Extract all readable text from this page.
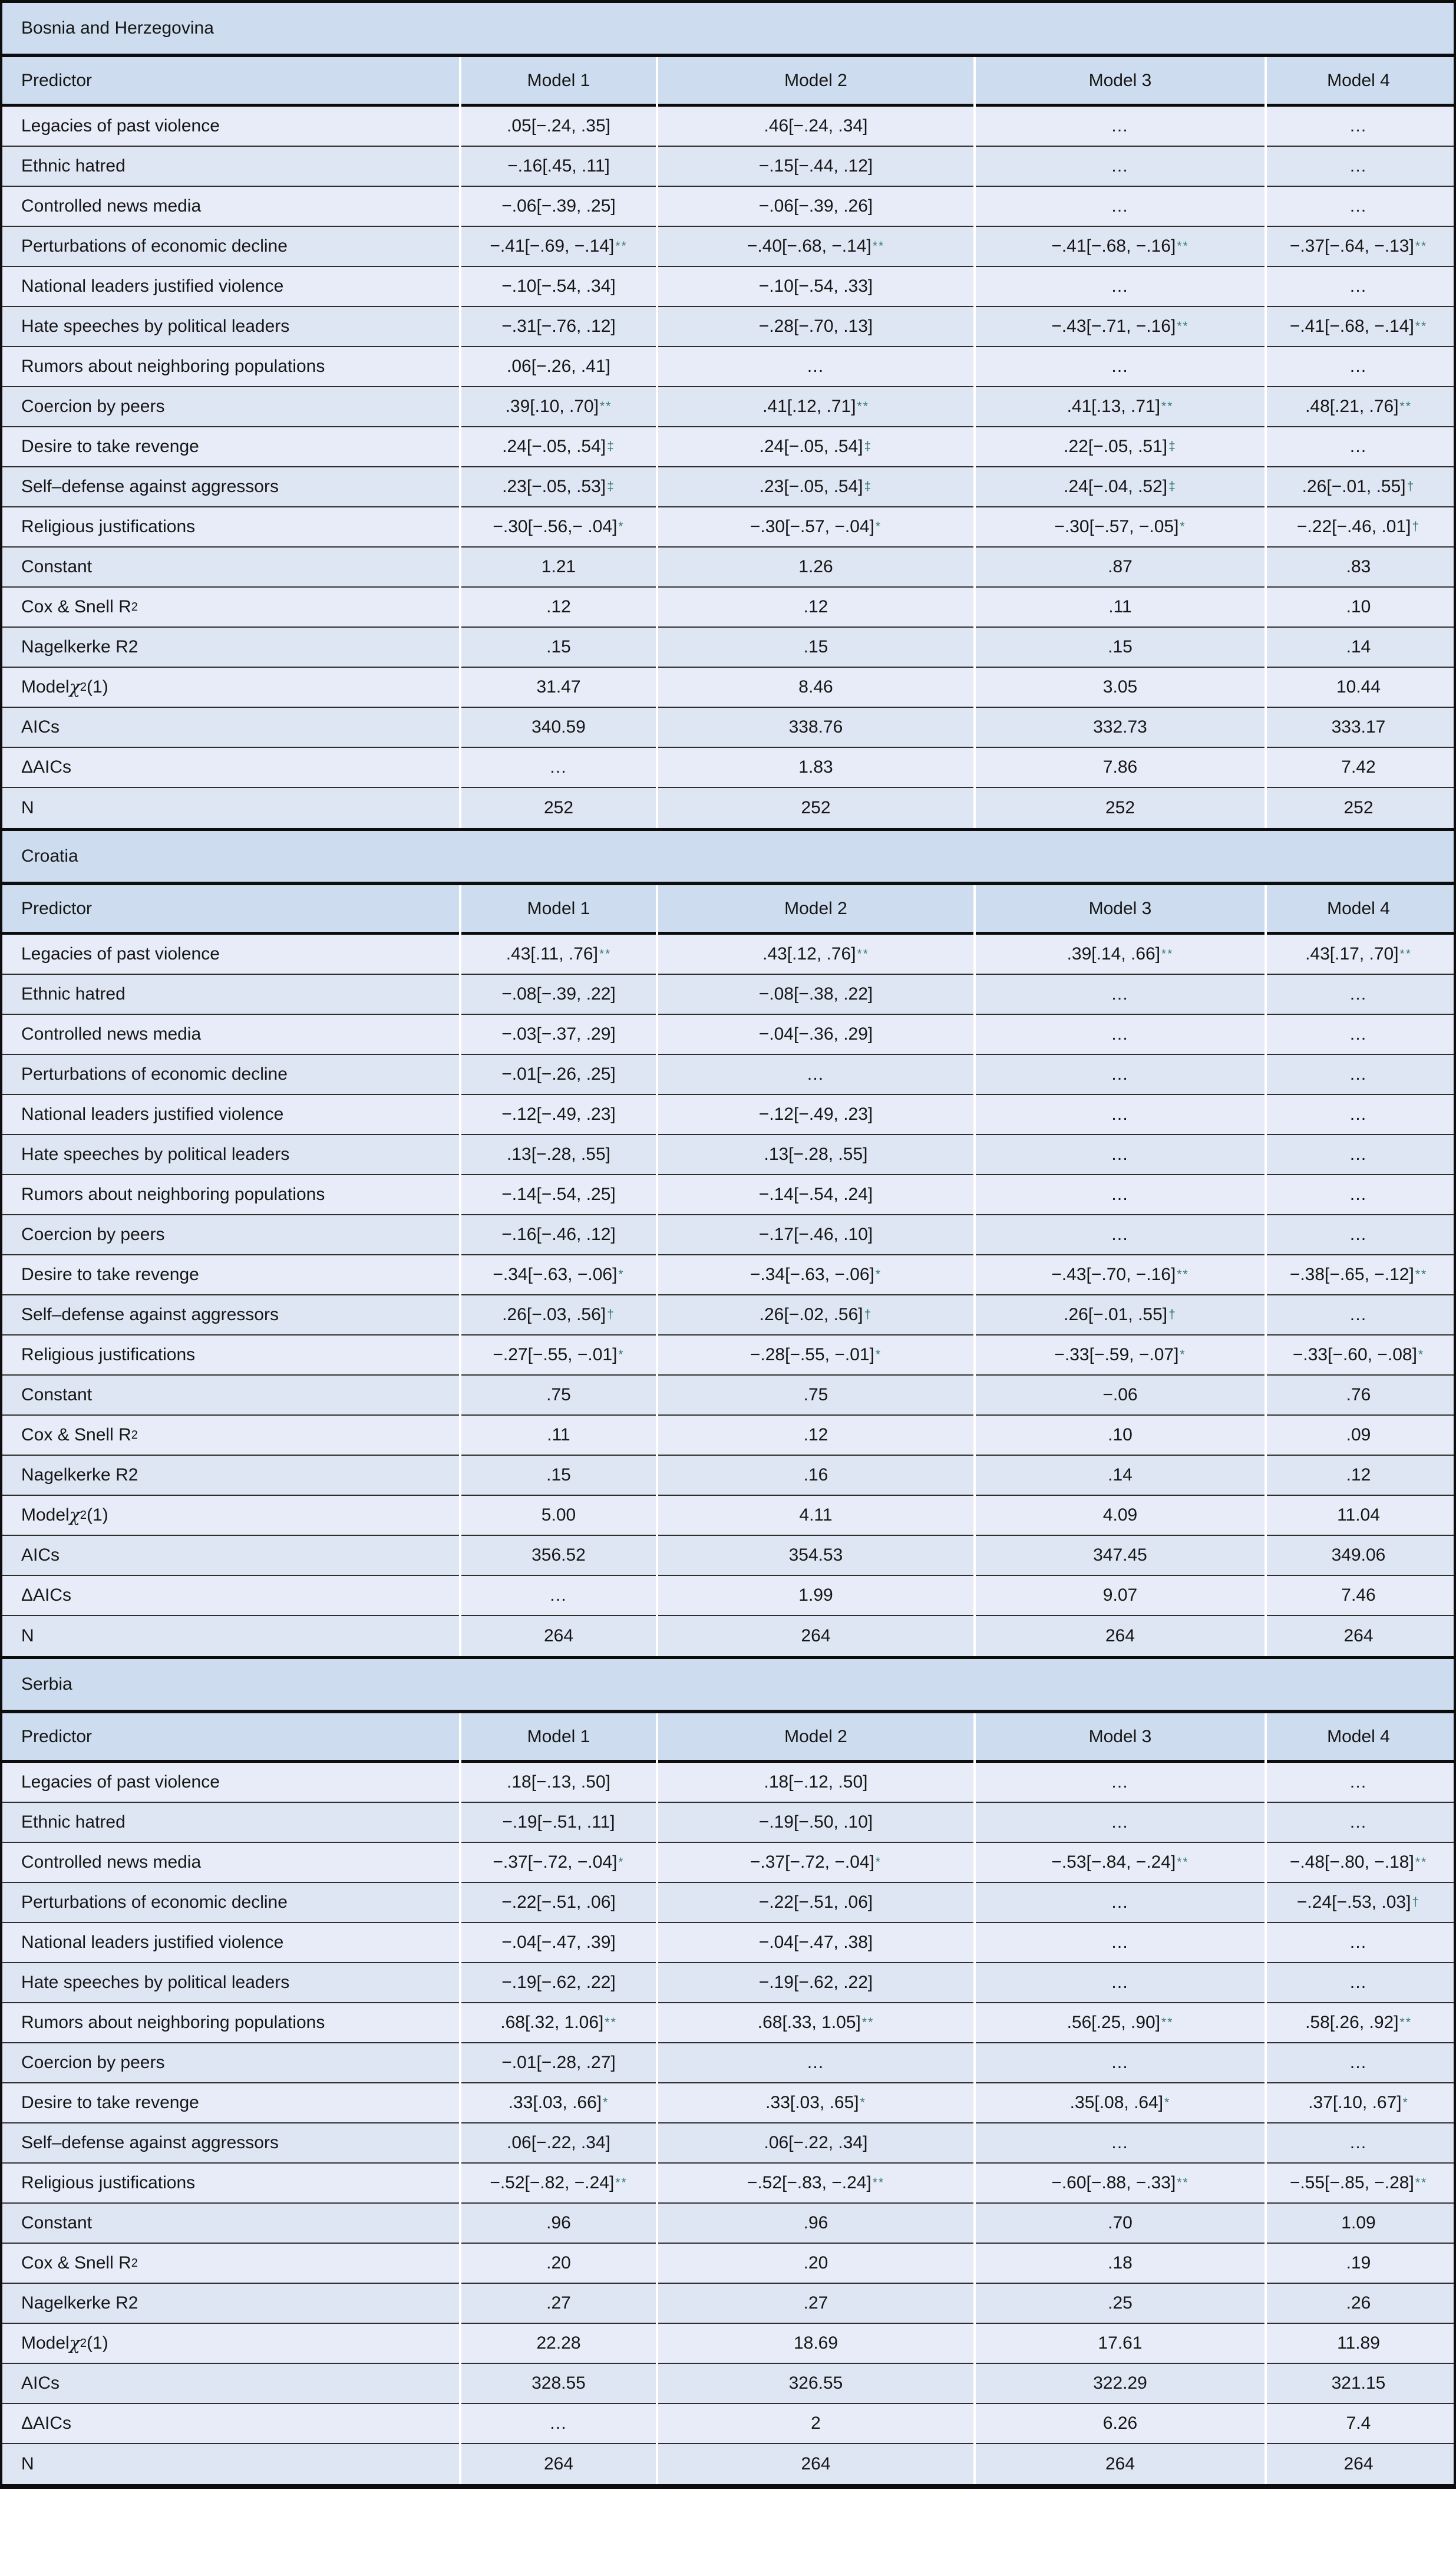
Bosnia and Herzegovina
Predictor	Model 1	Model 2	Model 3	Model 4
Legacies of past violence	.05[−.24, .35]	.46[−.24, .34]	…	…
Ethnic hatred	−.16[.45, .11]	−.15[−.44, .12]	…	…
Controlled news media	−.06[−.39, .25]	−.06[−.39, .26]	…	…
Perturbations of economic decline	−.41[−.69, −.14] **	−.40[−.68, −.14] **	−.41[−.68, −.16] **	−.37[−.64, −.13] **
National leaders justified violence	−.10[−.54, .34]	−.10[−.54, .33]	…	…
Hate speeches by political leaders	−.31[−.76, .12]	−.28[−.70, .13]	−.43[−.71, −.16] **	−.41[−.68, −.14] **
Rumors about neighboring populations	.06[−.26, .41]	…	…	…
Coercion by peers	.39[.10, .70] **	.41[.12, .71] **	.41[.13, .71] **	.48[.21, .76] **
Desire to take revenge	.24[−.05, .54] ‡	.24[−.05, .54] ‡	.22[−.05, .51] ‡	…
Self–defense against aggressors	.23[−.05, .53] ‡	.23[−.05, .54] ‡	.24[−.04, .52] ‡	.26[−.01, .55] †
Religious justifications	−.30[−.56,− .04] *	−.30[−.57, −.04] *	−.30[−.57, −.05] *	−.22[−.46, .01] †
Constant	1.21	1.26	.87	.83
Cox & Snell R 2	.12	.12	.11	.10
Nagelkerke R2	.15	.15	.15	.14
Model χ 2 (1)	31.47	8.46	3.05	10.44
AICs	340.59	338.76	332.73	333.17
ΔAICs	…	1.83	7.86	7.42
N	252	252	252	252
Croatia
Predictor	Model 1	Model 2	Model 3	Model 4
Legacies of past violence	.43[.11, .76] **	.43[.12, .76] **	.39[.14, .66] **	.43[.17, .70] **
Ethnic hatred	−.08[−.39, .22]	−.08[−.38, .22]	…	…
Controlled news media	−.03[−.37, .29]	−.04[−.36, .29]	…	…
Perturbations of economic decline	−.01[−.26, .25]	…	…	…
National leaders justified violence	−.12[−.49, .23]	−.12[−.49, .23]	…	…
Hate speeches by political leaders	.13[−.28, .55]	.13[−.28, .55]	…	…
Rumors about neighboring populations	−.14[−.54, .25]	−.14[−.54, .24]	…	…
Coercion by peers	−.16[−.46, .12]	−.17[−.46, .10]	…	…
Desire to take revenge	−.34[−.63, −.06] *	−.34[−.63, −.06] *	−.43[−.70, −.16] **	−.38[−.65, −.12] **
Self–defense against aggressors	.26[−.03, .56] †	.26[−.02, .56] †	.26[−.01, .55] †	…
Religious justifications	−.27[−.55, −.01] *	−.28[−.55, −.01] *	−.33[−.59, −.07] *	−.33[−.60, −.08] *
Constant	.75	.75	−.06	.76
Cox & Snell R 2	.11	.12	.10	.09
Nagelkerke R2	.15	.16	.14	.12
Model χ 2 (1)	5.00	4.11	4.09	11.04
AICs	356.52	354.53	347.45	349.06
ΔAICs	…	1.99	9.07	7.46
N	264	264	264	264
Serbia
Predictor	Model 1	Model 2	Model 3	Model 4
Legacies of past violence	.18[−.13, .50]	.18[−.12, .50]	…	…
Ethnic hatred	−.19[−.51, .11]	−.19[−.50, .10]	…	…
Controlled news media	−.37[−.72, −.04] *	−.37[−.72, −.04] *	−.53[−.84, −.24] **	−.48[−.80, −.18] **
Perturbations of economic decline	−.22[−.51, .06]	−.22[−.51, .06]	…	−.24[−.53, .03] †
National leaders justified violence	−.04[−.47, .39]	−.04[−.47, .38]	…	…
Hate speeches by political leaders	−.19[−.62, .22]	−.19[−.62, .22]	…	…
Rumors about neighboring populations	.68[.32, 1.06] **	.68[.33, 1.05] **	.56[.25, .90] **	.58[.26, .92] **
Coercion by peers	−.01[−.28, .27]	…	…	…
Desire to take revenge	.33[.03, .66] *	.33[.03, .65] *	.35[.08, .64] *	.37[.10, .67] *
Self–defense against aggressors	.06[−.22, .34]	.06[−.22, .34]	…	…
Religious justifications	−.52[−.82, −.24] **	−.52[−.83, −.24] **	−.60[−.88, −.33] **	−.55[−.85, −.28] **
Constant	.96	.96	.70	1.09
Cox & Snell R 2	.20	.20	.18	.19
Nagelkerke R2	.27	.27	.25	.26
Model χ 2 (1)	22.28	18.69	17.61	11.89
AICs	328.55	326.55	322.29	321.15
ΔAICs	…	2	6.26	7.4
N	264	264	264	264
